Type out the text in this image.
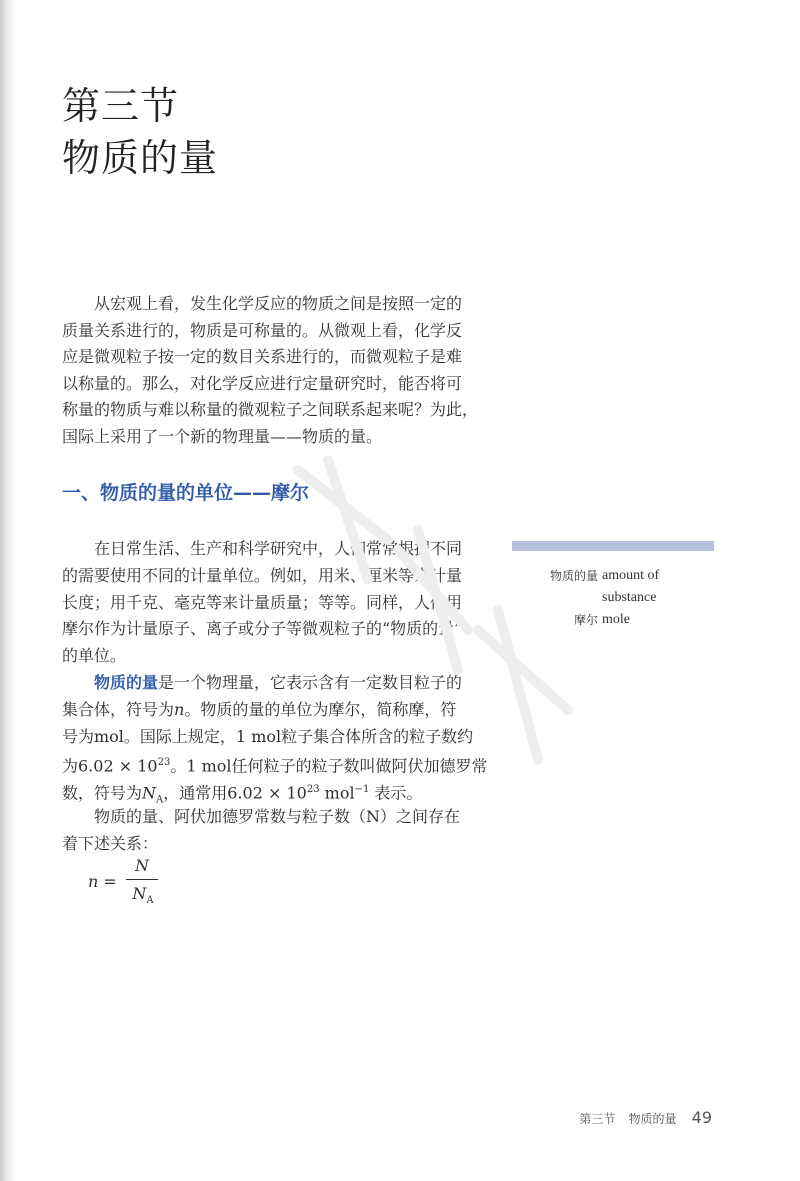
第三节
物质的量
从宏观上看，发生化学反应的物质之间是按照一定的
质量关系进行的，物质是可称量的。从微观上看，化学反
应是微观粒子按一定的数目关系进行的，而微观粒子是难
以称量的。那么，对化学反应进行定量研究时，能否将可
称量的物质与难以称量的微观粒子之间联系起来呢？为此，
国际上采用了一个新的物理量——物质的量。
一、物质的量的单位——摩尔
在日常生活、生产和科学研究中，人们常常根据不同
的需要使用不同的计量单位。例如，用米、厘米等来计量
长度；用千克、毫克等来计量质量；等等。同样，人们用
摩尔作为计量原子、离子或分子等微观粒子的“物质的量”
的单位。
物质的量是一个物理量，它表示含有一定数目粒子的
集合体，符号为n。物质的量的单位为摩尔，简称摩，符
号为mol。国际上规定，1 mol粒子集合体所含的粒子数约
为$6.02 \times 10^{23}$。1 mol任何粒子的粒子数叫做阿伏加德罗常
数，符号为$N_A$，通常用$6.02 \times 10^{23}$ mol$^{-1}$ 表示。
物质的量、阿伏加德罗常数与粒子数（N）之间存在
着下述关系：
n =
N
$N_A$
物质的量 amount of
substance
摩尔 mole
第三节 物质的量 49
